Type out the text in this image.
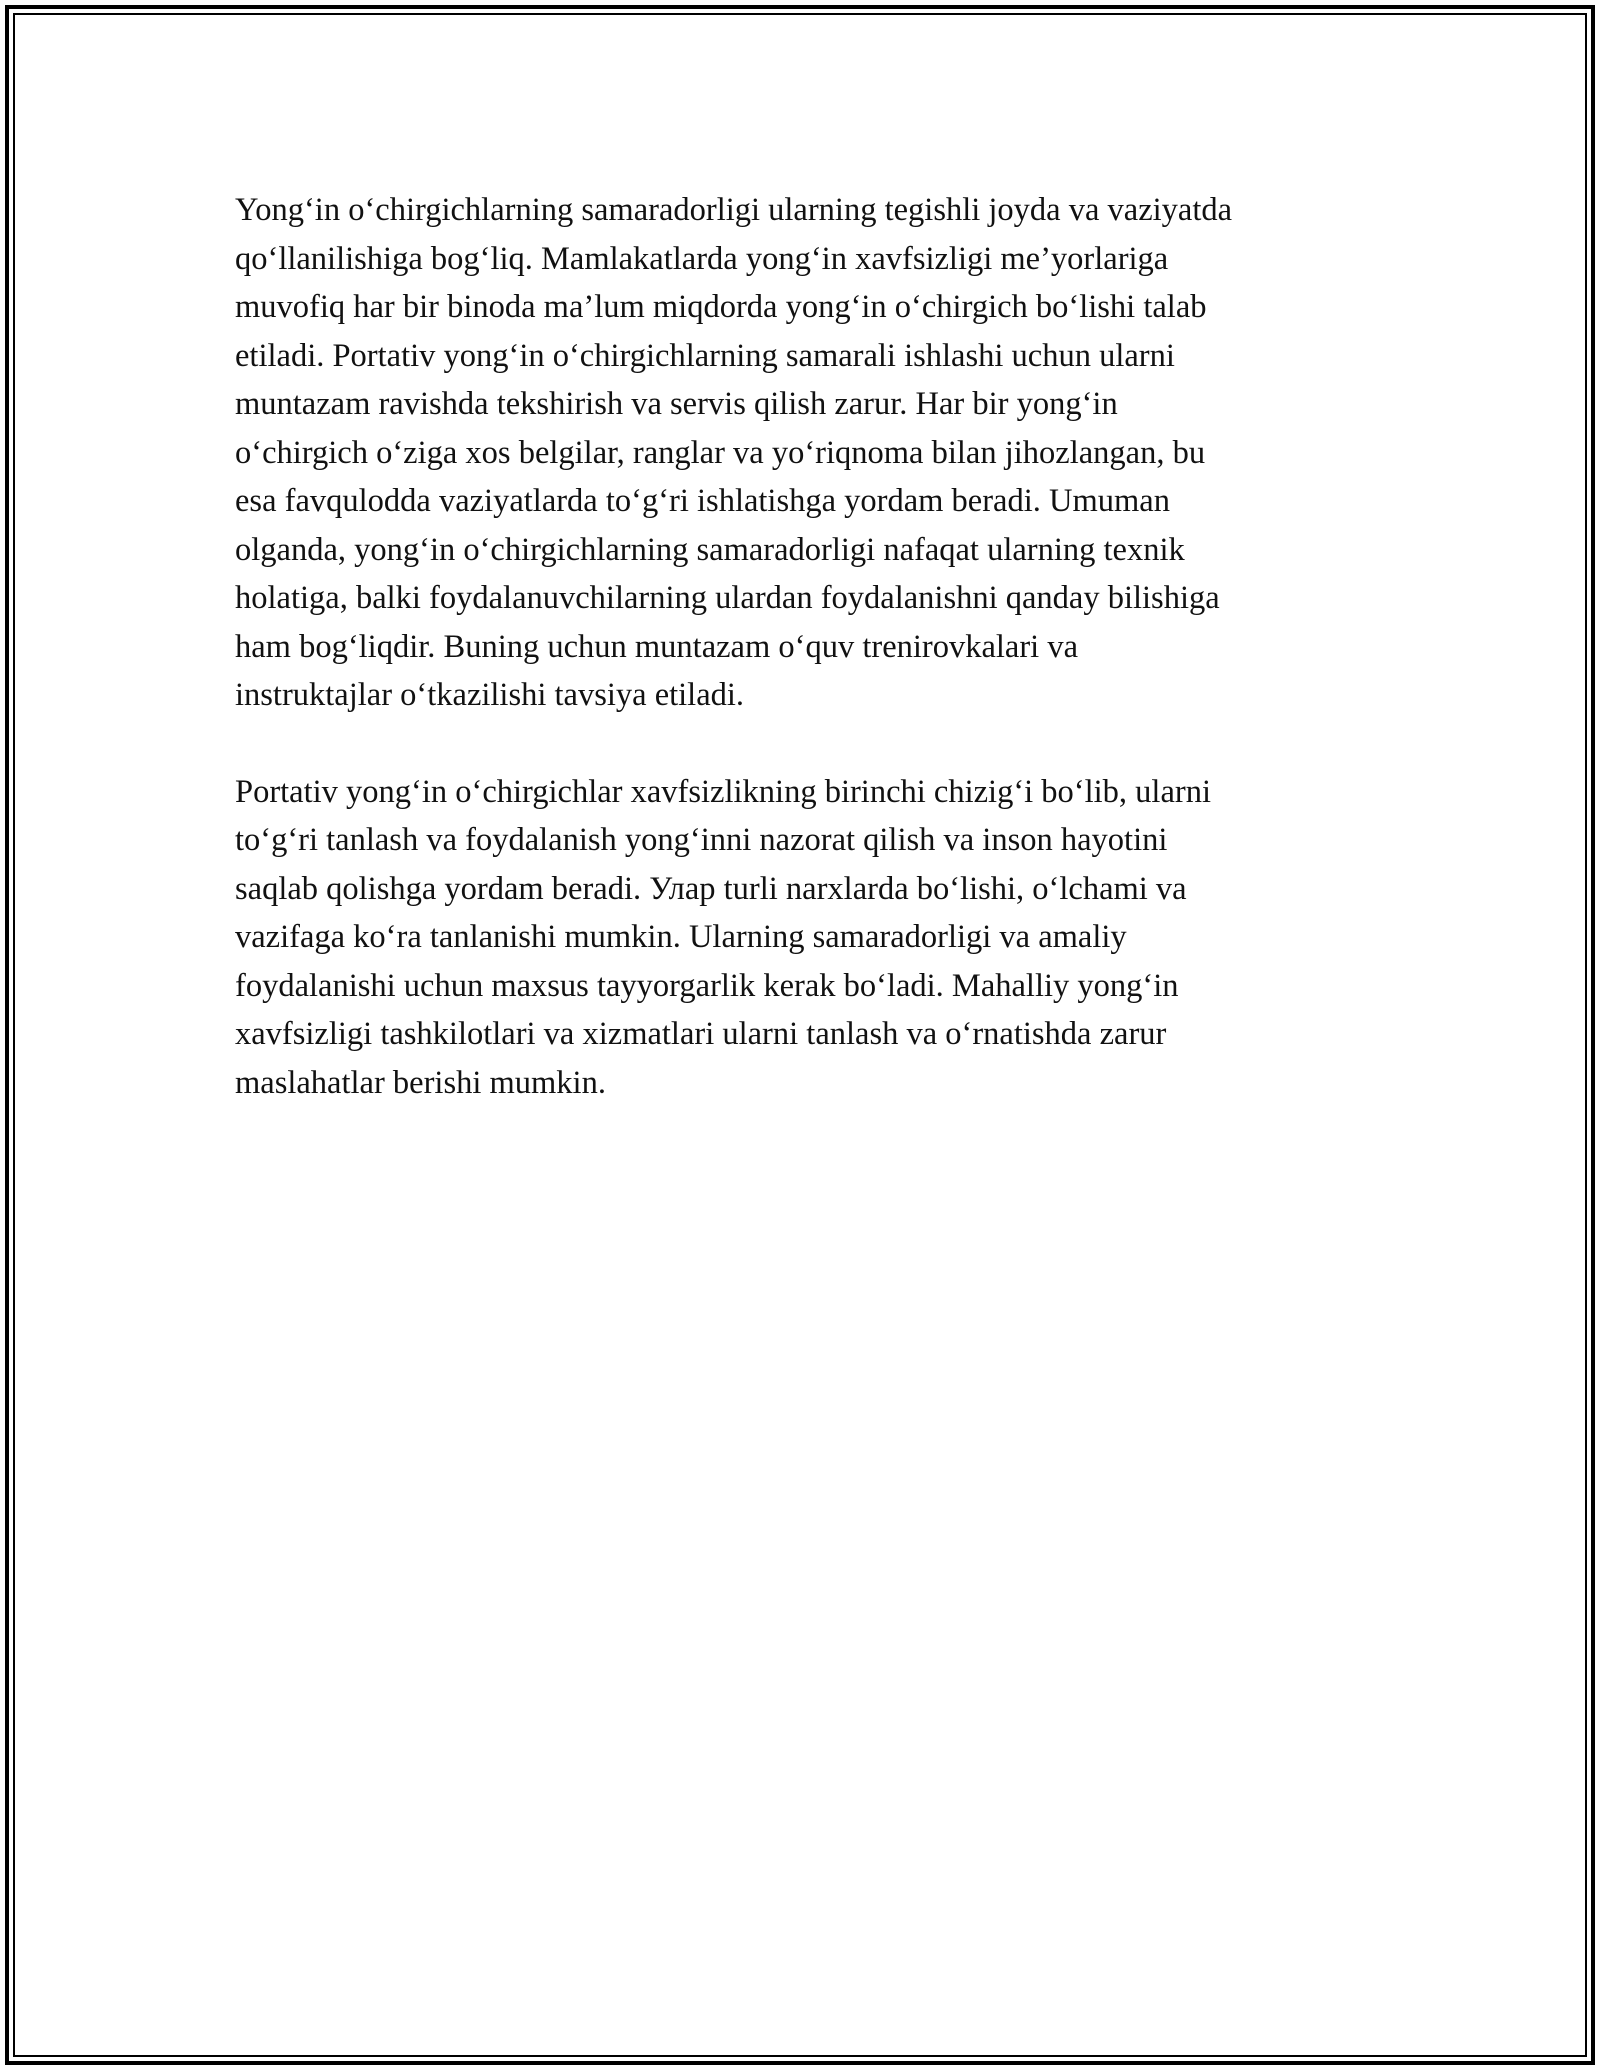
Yong‘in o‘chirgichlarning samaradorligi ularning tegishli joyda va vaziyatda
qo‘llanilishiga bog‘liq. Mamlakatlarda yong‘in xavfsizligi me’yorlariga
muvofiq har bir binoda ma’lum miqdorda yong‘in o‘chirgich bo‘lishi talab
etiladi. Portativ yong‘in o‘chirgichlarning samarali ishlashi uchun ularni
muntazam ravishda tekshirish va servis qilish zarur. Har bir yong‘in
o‘chirgich o‘ziga xos belgilar, ranglar va yo‘riqnoma bilan jihozlangan, bu
esa favqulodda vaziyatlarda to‘g‘ri ishlatishga yordam beradi. Umuman
olganda, yong‘in o‘chirgichlarning samaradorligi nafaqat ularning texnik
holatiga, balki foydalanuvchilarning ulardan foydalanishni qanday bilishiga
ham bog‘liqdir. Buning uchun muntazam o‘quv trenirovkalari va
instruktajlar o‘tkazilishi tavsiya etiladi.
Portativ yong‘in o‘chirgichlar xavfsizlikning birinchi chizig‘i bo‘lib, ularni
to‘g‘ri tanlash va foydalanish yong‘inni nazorat qilish va inson hayotini
saqlab qolishga yordam beradi. Улар turli narxlarda bo‘lishi, o‘lchami va
vazifaga ko‘ra tanlanishi mumkin. Ularning samaradorligi va amaliy
foydalanishi uchun maxsus tayyorgarlik kerak bo‘ladi. Mahalliy yong‘in
xavfsizligi tashkilotlari va xizmatlari ularni tanlash va o‘rnatishda zarur
maslahatlar berishi mumkin.
